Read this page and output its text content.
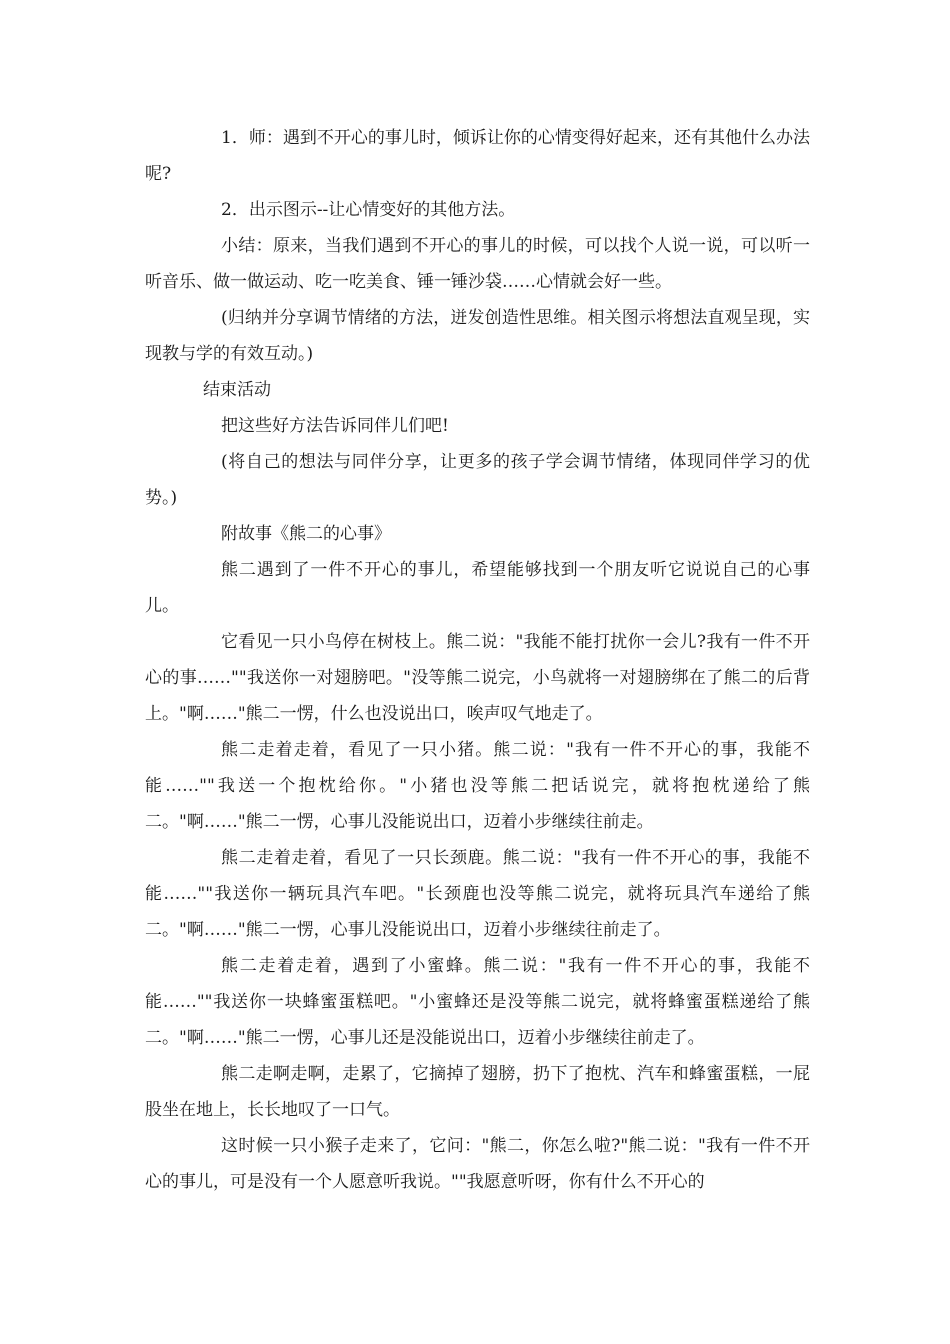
1．师：遇到不开心的事儿时，倾诉让你的心情变得好起来，还有其他什么办法呢?

2．出示图示--让心情变好的其他方法。

小结：原来，当我们遇到不开心的事儿的时候，可以找个人说一说，可以听一听音乐、做一做运动、吃一吃美食、锤一锤沙袋……心情就会好一些。

(归纳并分享调节情绪的方法，迸发创造性思维。相关图示将想法直观呈现，实现教与学的有效互动。)

结束活动

把这些好方法告诉同伴儿们吧!

(将自己的想法与同伴分享，让更多的孩子学会调节情绪，体现同伴学习的优势。)

附故事《熊二的心事》

熊二遇到了一件不开心的事儿，希望能够找到一个朋友听它说说自己的心事儿。

它看见一只小鸟停在树枝上。熊二说："我能不能打扰你一会儿?我有一件不开心的事……""我送你一对翅膀吧。"没等熊二说完，小鸟就将一对翅膀绑在了熊二的后背上。"啊……"熊二一愣，什么也没说出口，唉声叹气地走了。

熊二走着走着，看见了一只小猪。熊二说："我有一件不开心的事，我能不能……""我送一个抱枕给你。"小猪也没等熊二把话说完，就将抱枕递给了熊二。"啊……"熊二一愣，心事儿没能说出口，迈着小步继续往前走。

熊二走着走着，看见了一只长颈鹿。熊二说："我有一件不开心的事，我能不能……""我送你一辆玩具汽车吧。"长颈鹿也没等熊二说完，就将玩具汽车递给了熊二。"啊……"熊二一愣，心事儿没能说出口，迈着小步继续往前走了。

熊二走着走着，遇到了小蜜蜂。熊二说："我有一件不开心的事，我能不能……""我送你一块蜂蜜蛋糕吧。"小蜜蜂还是没等熊二说完，就将蜂蜜蛋糕递给了熊二。"啊……"熊二一愣，心事儿还是没能说出口，迈着小步继续往前走了。

熊二走啊走啊，走累了，它摘掉了翅膀，扔下了抱枕、汽车和蜂蜜蛋糕，一屁股坐在地上，长长地叹了一口气。

这时候一只小猴子走来了，它问："熊二，你怎么啦?"熊二说："我有一件不开心的事儿，可是没有一个人愿意听我说。""我愿意听呀，你有什么不开心的
